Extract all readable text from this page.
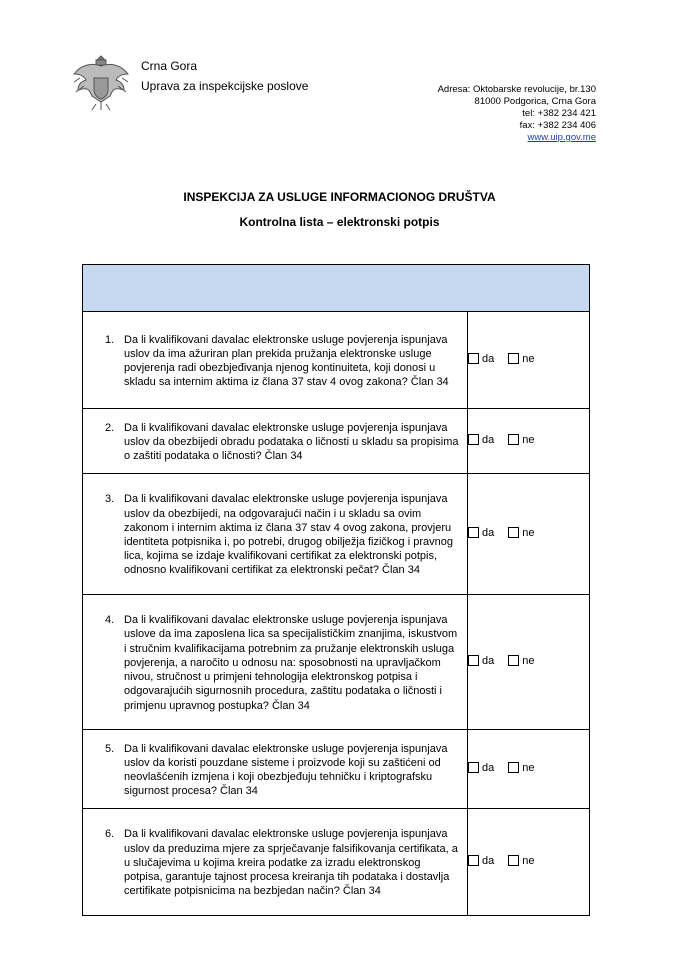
Crna Gora
Uprava za inspekcijske poslove	Adresa: Oktobarske revolucije, br.130
81000 Podgorica, Crna Gora
tel: +382 234 421
fax: +382 234 406
www.uip.gov.me
INSPEKCIJA ZA USLUGE INFORMACIONOG DRUŠTVA
Kontrolna lista – elektronski potpis

1. Da li kvalifikovani davalac elektronske usluge povjerenja ispunjava uslov da ima ažuriran plan prekida pružanja elektronske usluge povjerenja radi obezbjeđivanja njenog kontinuiteta, koji donosi u skladu sa internim aktima iz člana 37 stav 4 ovog zakona? Član 34	da ne

2. Da li kvalifikovani davalac elektronske usluge povjerenja ispunjava uslov da obezbijedi obradu podataka o ličnosti u skladu sa propisima o zaštiti podataka o ličnosti? Član 34	da ne

3. Da li kvalifikovani davalac elektronske usluge povjerenja ispunjava uslov da obezbijedi, na odgovarajući način i u skladu sa ovim zakonom i internim aktima iz člana 37 stav 4 ovog zakona, provjeru identiteta potpisnika i, po potrebi, drugog obilježja fizičkog i pravnog lica, kojima se izdaje kvalifikovani certifikat za elektronski potpis, odnosno kvalifikovani certifikat za elektronski pečat? Član 34	da ne

4. Da li kvalifikovani davalac elektronske usluge povjerenja ispunjava uslove da ima zaposlena lica sa specijalističkim znanjima, iskustvom i stručnim kvalifikacijama potrebnim za pružanje elektronskih usluga povjerenja, a naročito u odnosu na: sposobnosti na upravljačkom nivou, stručnost u primjeni tehnologija elektronskog potpisa i odgovarajućih sigurnosnih procedura, zaštitu podataka o ličnosti i primjenu upravnog postupka? Član 34	da ne

5. Da li kvalifikovani davalac elektronske usluge povjerenja ispunjava uslov da koristi pouzdane sisteme i proizvode koji su zaštićeni od neovlašćenih izmjena i koji obezbjeđuju tehničku i kriptografsku sigurnost procesa? Član 34	da ne

6. Da li kvalifikovani davalac elektronske usluge povjerenja ispunjava uslov da preduzima mjere za sprječavanje falsifikovanja certifikata, a u slučajevima u kojima kreira podatke za izradu elektronskog potpisa, garantuje tajnost procesa kreiranja tih podataka i dostavlja certifikate potpisnicima na bezbjedan način? Član 34	da ne
